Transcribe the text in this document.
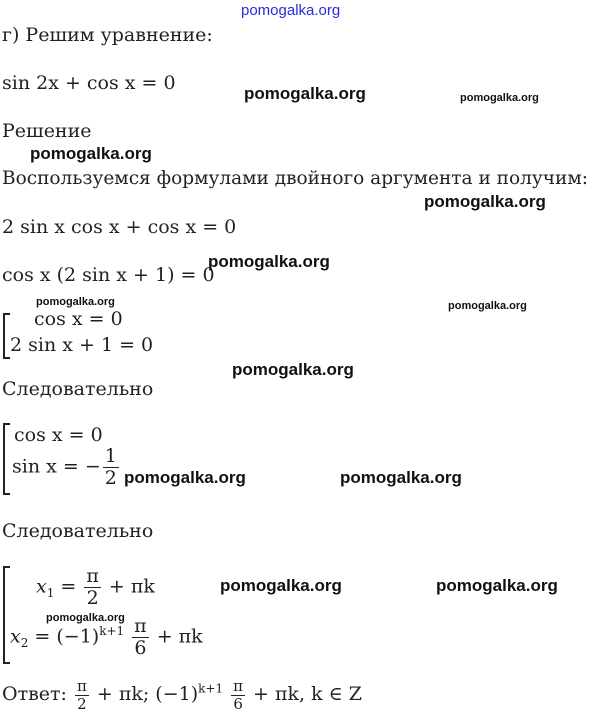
pomogalka.org
г) Решим уравнение:
sin 2x + cos x = 0	pomogalka.org	pomogalka.org
Решение
pomogalka.org
Воспользуемся формулами двойного аргумента и получим:
pomogalka.org
2 sin x cos x + cos x = 0
cos x (2 sin x + 1) = 0
pomogalka.org
pomogalka.org	pomogalka.org
cos x = 0
2 sin x + 1 = 0
pomogalka.org
Следовательно
cos x = 0
sin x = − $\frac{1}{2}$ pomogalka.org	pomogalka.org
Следовательно
$x_1 = \frac{\pi}{2} + \pi k$	pomogalka.org	pomogalka.org
pomogalka.org
$x_2 = (-1)^{k+1} \frac{\pi}{6} + \pi k$
Ответ: $\frac{\pi}{2} + \pi k$; $(-1)^{k+1} \frac{\pi}{6} + \pi k$, k ∈ Z
